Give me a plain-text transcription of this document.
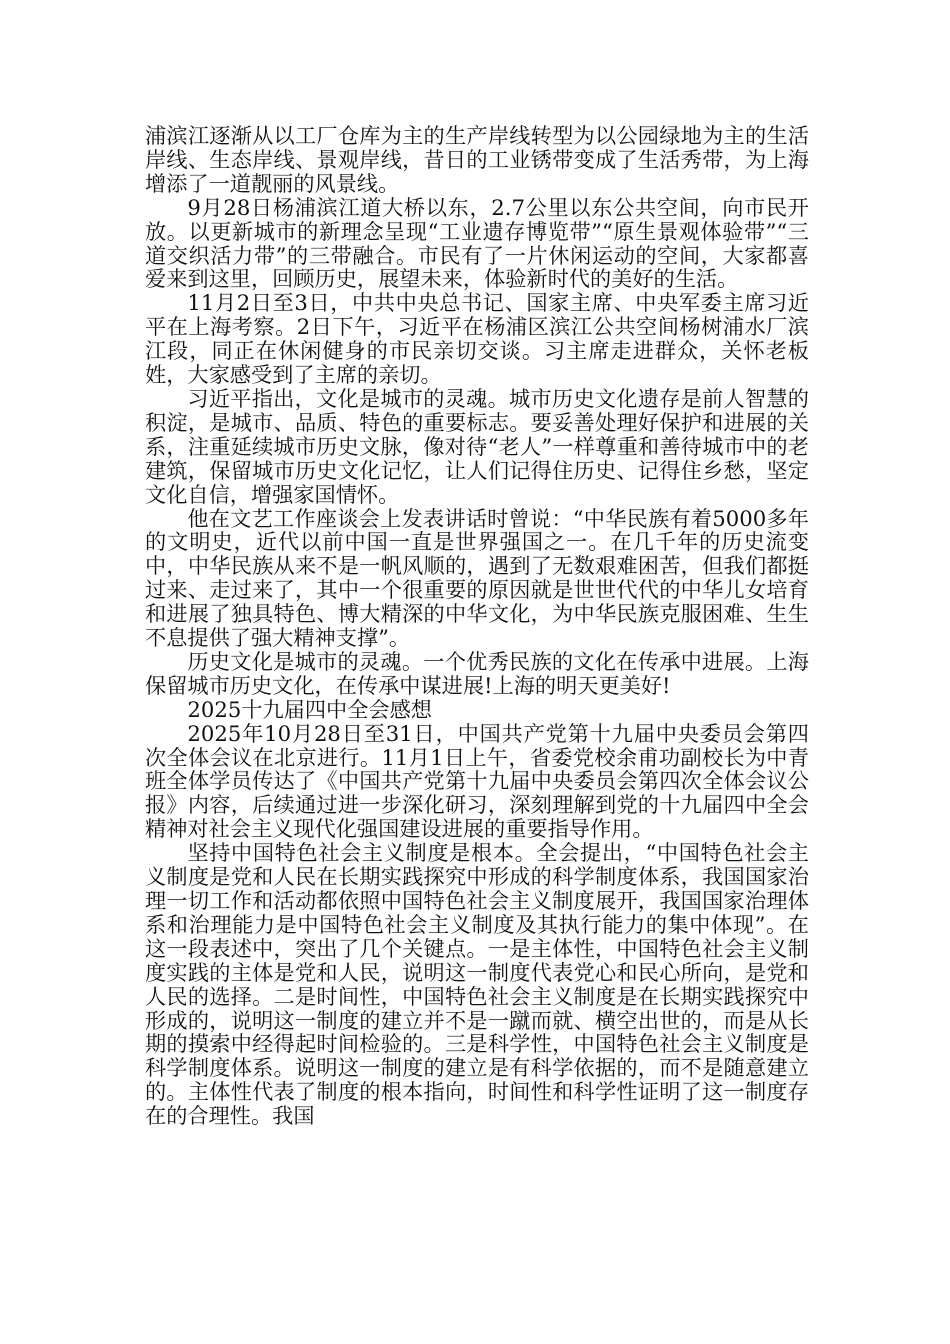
浦滨江逐渐从以工厂仓库为主的生产岸线转型为以公园绿地为主的生活岸线、生态岸线、景观岸线，昔日的工业锈带变成了生活秀带，为上海增添了一道靓丽的风景线。

9月28日杨浦滨江道大桥以东，2.7公里以东公共空间，向市民开放。以更新城市的新理念呈现“工业遗存博览带”“原生景观体验带”“三道交织活力带”的三带融合。市民有了一片休闲运动的空间，大家都喜爱来到这里，回顾历史，展望未来，体验新时代的美好的生活。

11月2日至3日，中共中央总书记、国家主席、中央军委主席习近平在上海考察。2日下午，习近平在杨浦区滨江公共空间杨树浦水厂滨江段，同正在休闲健身的市民亲切交谈。习主席走进群众，关怀老板姓，大家感受到了主席的亲切。

习近平指出，文化是城市的灵魂。城市历史文化遗存是前人智慧的积淀，是城市、品质、特色的重要标志。要妥善处理好保护和进展的关系，注重延续城市历史文脉，像对待“老人”一样尊重和善待城市中的老建筑，保留城市历史文化记忆，让人们记得住历史、记得住乡愁，坚定文化自信，增强家国情怀。

他在文艺工作座谈会上发表讲话时曾说：“中华民族有着5000多年的文明史，近代以前中国一直是世界强国之一。在几千年的历史流变中，中华民族从来不是一帆风顺的，遇到了无数艰难困苦，但我们都挺过来、走过来了，其中一个很重要的原因就是世世代代的中华儿女培育和进展了独具特色、博大精深的中华文化，为中华民族克服困难、生生不息提供了强大精神支撑”。

历史文化是城市的灵魂。一个优秀民族的文化在传承中进展。上海保留城市历史文化，在传承中谋进展!上海的明天更美好!

2025十九届四中全会感想

2025年10月28日至31日，中国共产党第十九届中央委员会第四次全体会议在北京进行。11月1日上午，省委党校余甫功副校长为中青班全体学员传达了《中国共产党第十九届中央委员会第四次全体会议公报》内容，后续通过进一步深化研习，深刻理解到党的十九届四中全会精神对社会主义现代化强国建设进展的重要指导作用。

坚持中国特色社会主义制度是根本。全会提出，“中国特色社会主义制度是党和人民在长期实践探究中形成的科学制度体系，我国国家治理一切工作和活动都依照中国特色社会主义制度展开，我国国家治理体系和治理能力是中国特色社会主义制度及其执行能力的集中体现”。在这一段表述中，突出了几个关键点。一是主体性，中国特色社会主义制度实践的主体是党和人民，说明这一制度代表党心和民心所向，是党和人民的选择。二是时间性，中国特色社会主义制度是在长期实践探究中形成的，说明这一制度的建立并不是一蹴而就、横空出世的，而是从长期的摸索中经得起时间检验的。三是科学性，中国特色社会主义制度是科学制度体系。说明这一制度的建立是有科学依据的，而不是随意建立的。主体性代表了制度的根本指向，时间性和科学性证明了这一制度存在的合理性。我国
